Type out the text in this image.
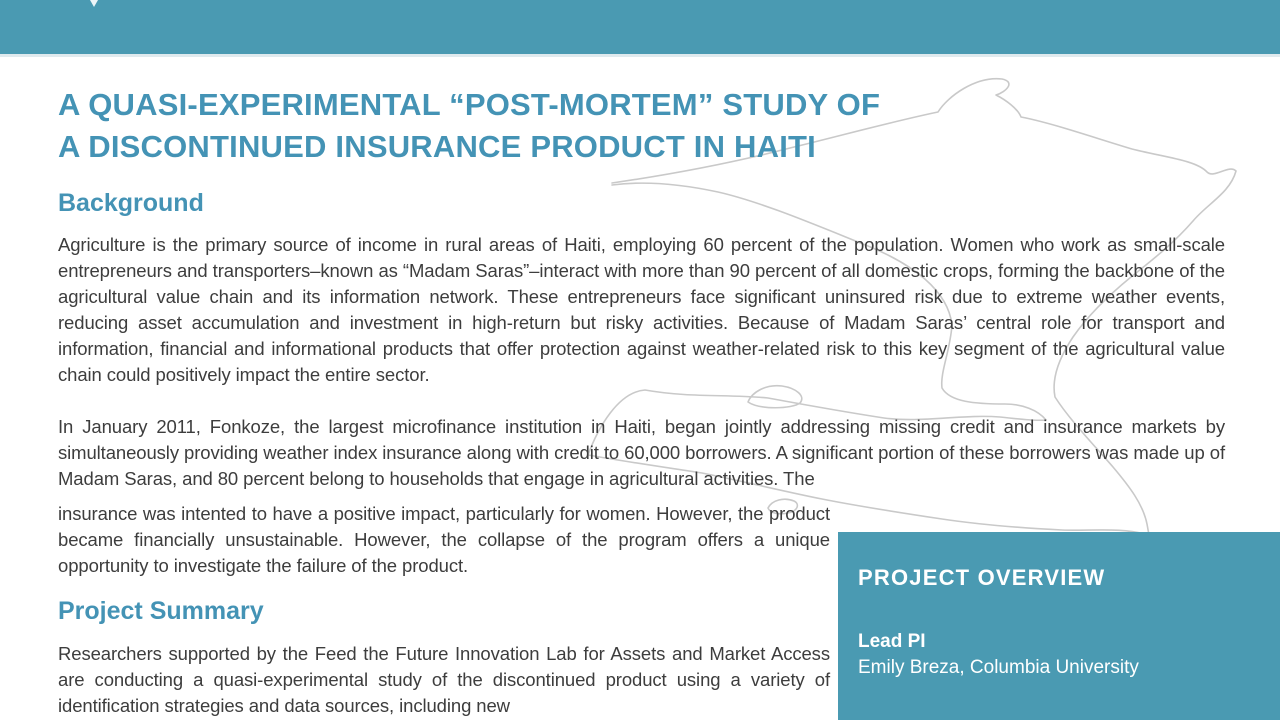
A QUASI-EXPERIMENTAL “POST-MORTEM” STUDY OF
A DISCONTINUED INSURANCE PRODUCT IN HAITI
Background

Agriculture is the primary source of income in rural areas of Haiti, employing 60 percent of the population. Women who work as small-scale entrepreneurs and transporters–known as “Madam Saras”–interact with more than 90 percent of all domestic crops, forming the backbone of the agricultural value chain and its information network. These entrepreneurs face significant uninsured risk due to extreme weather events, reducing asset accumulation and investment in high-return but risky activities. Because of Madam Saras’ central role for transport and information, financial and informational products that offer protection against weather-related risk to this key segment of the agricultural value chain could positively impact the entire sector.

In January 2011, Fonkoze, the largest microfinance institution in Haiti, began jointly addressing missing credit and insurance markets by simultaneously providing weather index insurance along with credit to 60,000 borrowers. A significant portion of these borrowers was made up of Madam Saras, and 80 percent belong to households that engage in agricultural activities. The

insurance was intented to have a positive impact, particularly for women. However, the product became financially unsustainable. However, the collapse of the program offers a unique opportunity to investigate the failure of the product.

Project Summary

Researchers supported by the Feed the Future Innovation Lab for Assets and Market Access are conducting a quasi-experimental study of the discontinued product using a variety of identification strategies and data sources, including new

PROJECT OVERVIEW
Lead PI
Emily Breza, Columbia University
